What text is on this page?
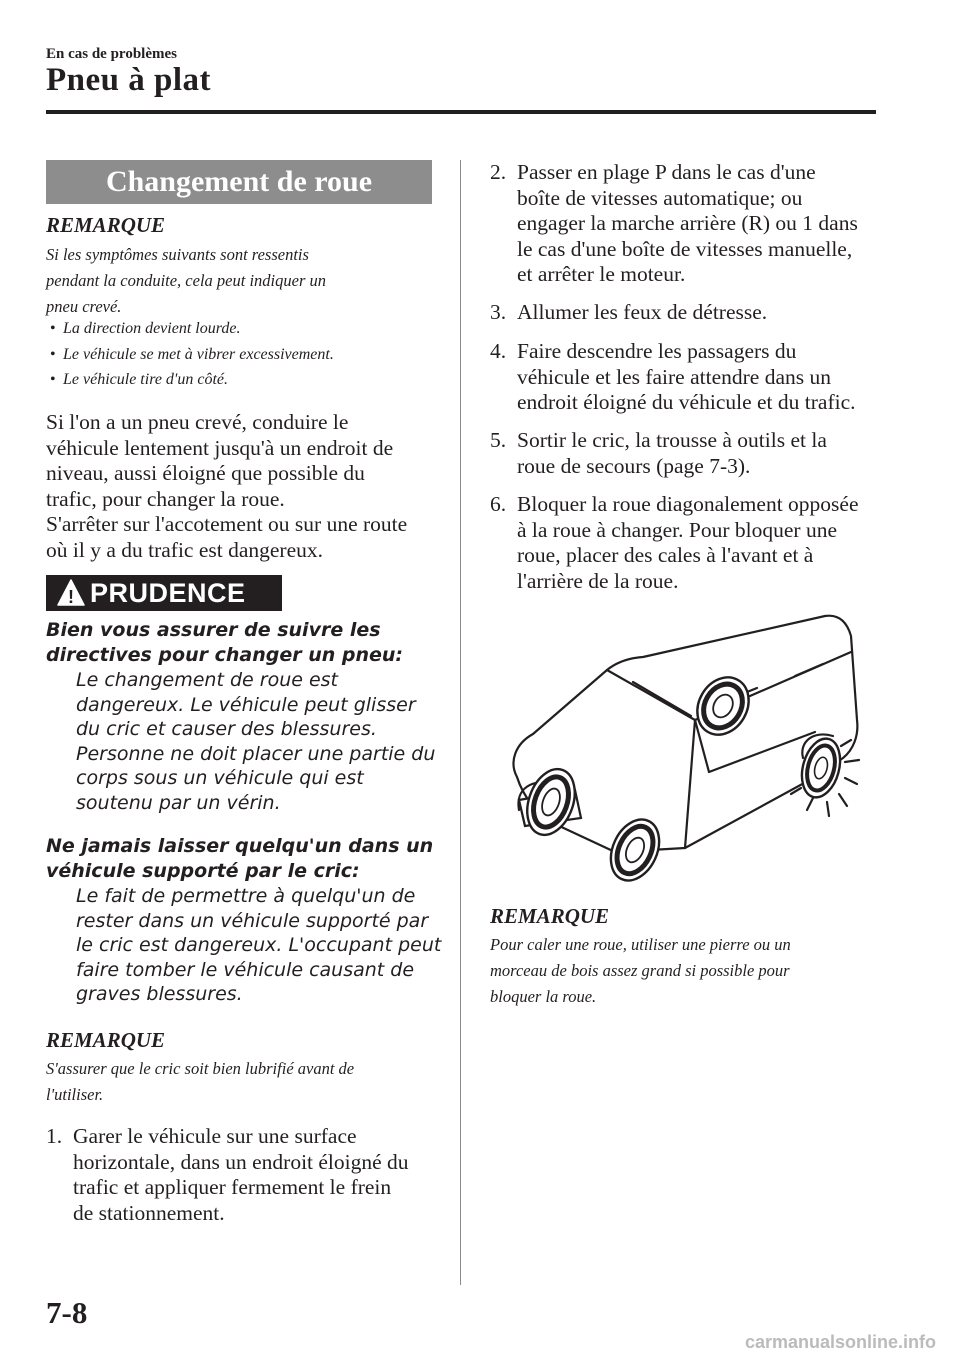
En cas de problèmes
Pneu à plat
Changement de roue
REMARQUE
Si les symptômes suivants sont ressentis
pendant la conduite, cela peut indiquer un
pneu crevé.
• La direction devient lourde.
• Le véhicule se met à vibrer excessivement.
• Le véhicule tire d'un côté.
Si l'on a un pneu crevé, conduire le
véhicule lentement jusqu'à un endroit de
niveau, aussi éloigné que possible du
trafic, pour changer la roue.
S'arrêter sur l'accotement ou sur une route
où il y a du trafic est dangereux.
! PRUDENCE
Bien vous assurer de suivre les
directives pour changer un pneu:
Le changement de roue est
dangereux. Le véhicule peut glisser
du cric et causer des blessures.
Personne ne doit placer une partie du
corps sous un véhicule qui est
soutenu par un vérin.
Ne jamais laisser quelqu'un dans un
véhicule supporté par le cric:
Le fait de permettre à quelqu'un de
rester dans un véhicule supporté par
le cric est dangereux. L'occupant peut
faire tomber le véhicule causant de
graves blessures.
REMARQUE
S'assurer que le cric soit bien lubrifié avant de
l'utiliser.
1. Garer le véhicule sur une surface
horizontale, dans un endroit éloigné du
trafic et appliquer fermement le frein
de stationnement.
2. Passer en plage P dans le cas d'une
boîte de vitesses automatique; ou
engager la marche arrière (R) ou 1 dans
le cas d'une boîte de vitesses manuelle,
et arrêter le moteur.
3. Allumer les feux de détresse.
4. Faire descendre les passagers du
véhicule et les faire attendre dans un
endroit éloigné du véhicule et du trafic.
5. Sortir le cric, la trousse à outils et la
roue de secours (page 7-3).
6. Bloquer la roue diagonalement opposée
à la roue à changer. Pour bloquer une
roue, placer des cales à l'avant et à
l'arrière de la roue.
REMARQUE
Pour caler une roue, utiliser une pierre ou un
morceau de bois assez grand si possible pour
bloquer la roue.
7-8
carmanualsonline.info
